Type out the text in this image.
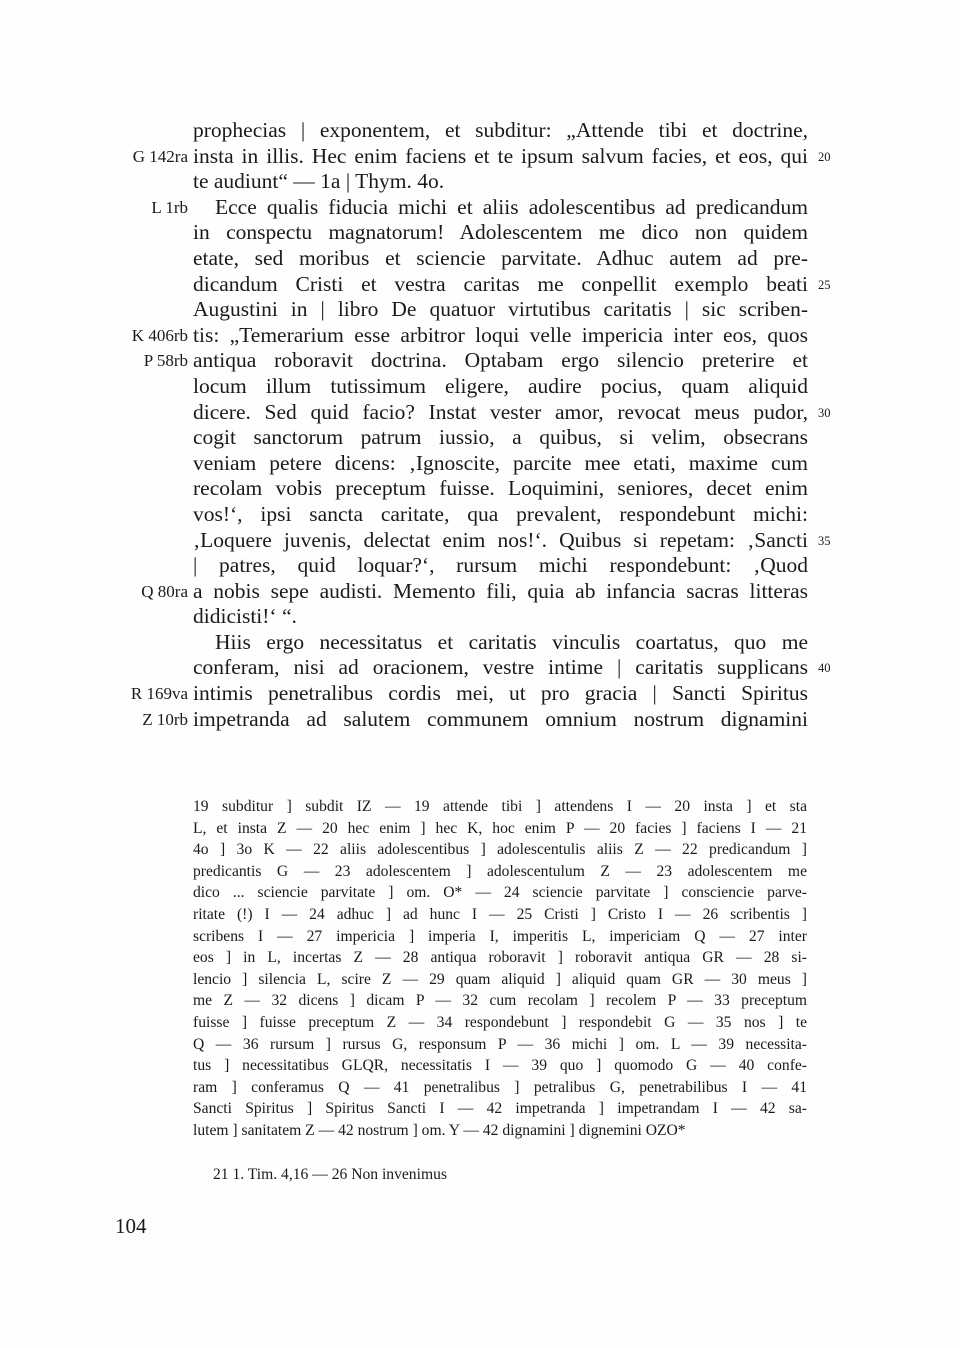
prophecias | exponentem, et subditur: „Attende tibi et doctrine,
G 142ra insta in illis. Hec enim faciens et te ipsum salvum facies, et eos, qui 20
te audiunt“ — 1a | Thym. 4o.
L 1rb	Ecce qualis fiducia michi et aliis adolescentibus ad predicandum
in conspectu magnatorum! Adolescentem me dico non quidem
etate, sed moribus et sciencie parvitate. Adhuc autem ad pre-
dicandum Cristi et vestra caritas me conpellit exemplo beati 25
Augustini in | libro De quatuor virtutibus caritatis | sic scriben-
K 406rb tis: „Temerarium esse arbitror loqui velle impericia inter eos, quos
P 58rb antiqua roboravit doctrina. Optabam ergo silencio preterire et
locum illum tutissimum eligere, audire pocius, quam aliquid
dicere. Sed quid facio? Instat vester amor, revocat meus pudor, 30
cogit sanctorum patrum iussio, a quibus, si velim, obsecrans
veniam petere dicens: ‚Ignoscite, parcite mee etati, maxime cum
recolam vobis preceptum fuisse. Loquimini, seniores, decet enim
vos!‘, ipsi sancta caritate, qua prevalent, respondebunt michi:
‚Loquere juvenis, delectat enim nos!‘. Quibus si repetam: ‚Sancti 35
| patres, quid loquar?‘, rursum michi respondebunt: ‚Quod
Q 80ra a nobis sepe audisti. Memento fili, quia ab infancia sacras litteras
didicisti!‘ “.
Hiis ergo necessitatus et caritatis vinculis coartatus, quo me
conferam, nisi ad oracionem, vestre intime | caritatis supplicans
R 169va
40
intimis penetralibus cordis mei, ut pro gracia | Sancti Spiritus
Z 10rb impetranda ad salutem communem omnium nostrum dignamini
19 subditur ] subdit IZ — 19 attende tibi ] attendens I — 20 insta ] et sta
L, et insta Z — 20 hec enim ] hec K, hoc enim P — 20 facies ] faciens I — 21
4o ] 3o K — 22 aliis adolescentibus ] adolescentulis aliis Z — 22 predicandum ]
predicantis G — 23 adolescentem ] adolescentulum Z — 23 adolescentem me
dico ... sciencie parvitate ] om. O* — 24 sciencie parvitate ] consciencie parve-
ritate (!) I — 24 adhuc ] ad hunc I — 25 Cristi ] Cristo I — 26 scribentis ]
scribens I — 27 impericia ] imperia I, imperitis L, impericiam Q — 27 inter
eos ] in L, incertas Z — 28 antiqua roboravit ] roboravit antiqua GR — 28 si-
lencio ] silencia L, scire Z — 29 quam aliquid ] aliquid quam GR — 30 meus ]
me Z — 32 dicens ] dicam P — 32 cum recolam ] recolem P — 33 preceptum
fuisse ] fuisse preceptum Z — 34 respondebunt ] respondebit G — 35 nos ] te
Q — 36 rursum ] rursus G, responsum P — 36 michi ] om. L — 39 necessita-
tus ] necessitatibus GLQR, necessitatis I — 39 quo ] quomodo G — 40 confe-
ram ] conferamus Q — 41 penetralibus ] petralibus G, penetrabilibus I — 41
Sancti Spiritus ] Spiritus Sancti I — 42 impetranda ] impetrandam I — 42 sa-
lutem ] sanitatem Z — 42 nostrum ] om. Y — 42 dignamini ] dignemini OZO*
21 1. Tim. 4,16 — 26 Non invenimus
104
